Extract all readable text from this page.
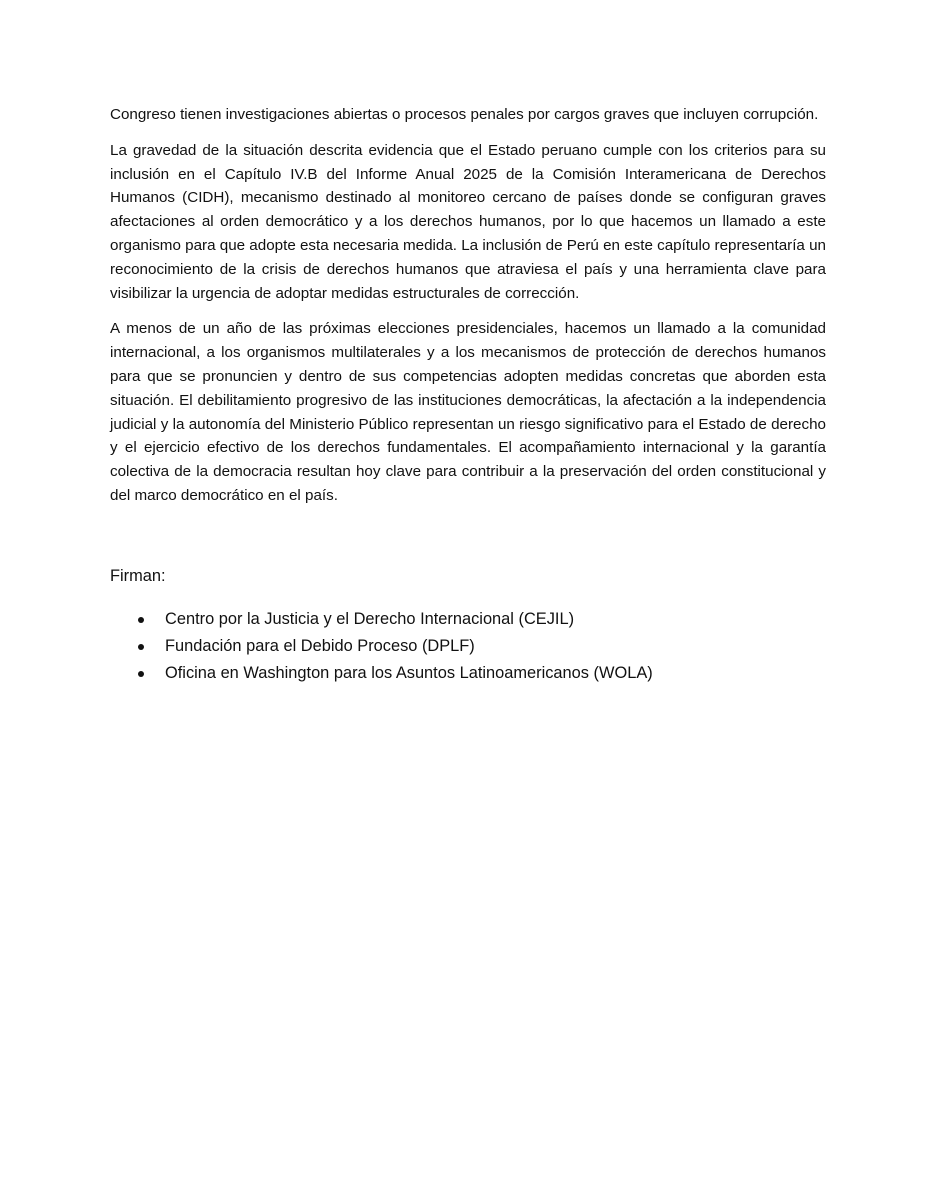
Congreso tienen investigaciones abiertas o procesos penales por cargos graves que incluyen corrupción.

La gravedad de la situación descrita evidencia que el Estado peruano cumple con los criterios para su inclusión en el Capítulo IV.B del Informe Anual 2025 de la Comisión Interamericana de Derechos Humanos (CIDH), mecanismo destinado al monitoreo cercano de países donde se configuran graves afectaciones al orden democrático y a los derechos humanos, por lo que hacemos un llamado a este organismo para que adopte esta necesaria medida. La inclusión de Perú en este capítulo representaría un reconocimiento de la crisis de derechos humanos que atraviesa el país y una herramienta clave para visibilizar la urgencia de adoptar medidas estructurales de corrección.

A menos de un año de las próximas elecciones presidenciales, hacemos un llamado a la comunidad internacional, a los organismos multilaterales y a los mecanismos de protección de derechos humanos para que se pronuncien y dentro de sus competencias adopten medidas concretas que aborden esta situación. El debilitamiento progresivo de las instituciones democráticas, la afectación a la independencia judicial y la autonomía del Ministerio Público representan un riesgo significativo para el Estado de derecho y el ejercicio efectivo de los derechos fundamentales. El acompañamiento internacional y la garantía colectiva de la democracia resultan hoy clave para contribuir a la preservación del orden constitucional y del marco democrático en el país.

Firman:
Centro por la Justicia y el Derecho Internacional (CEJIL)
Fundación para el Debido Proceso (DPLF)
Oficina en Washington para los Asuntos Latinoamericanos (WOLA)
